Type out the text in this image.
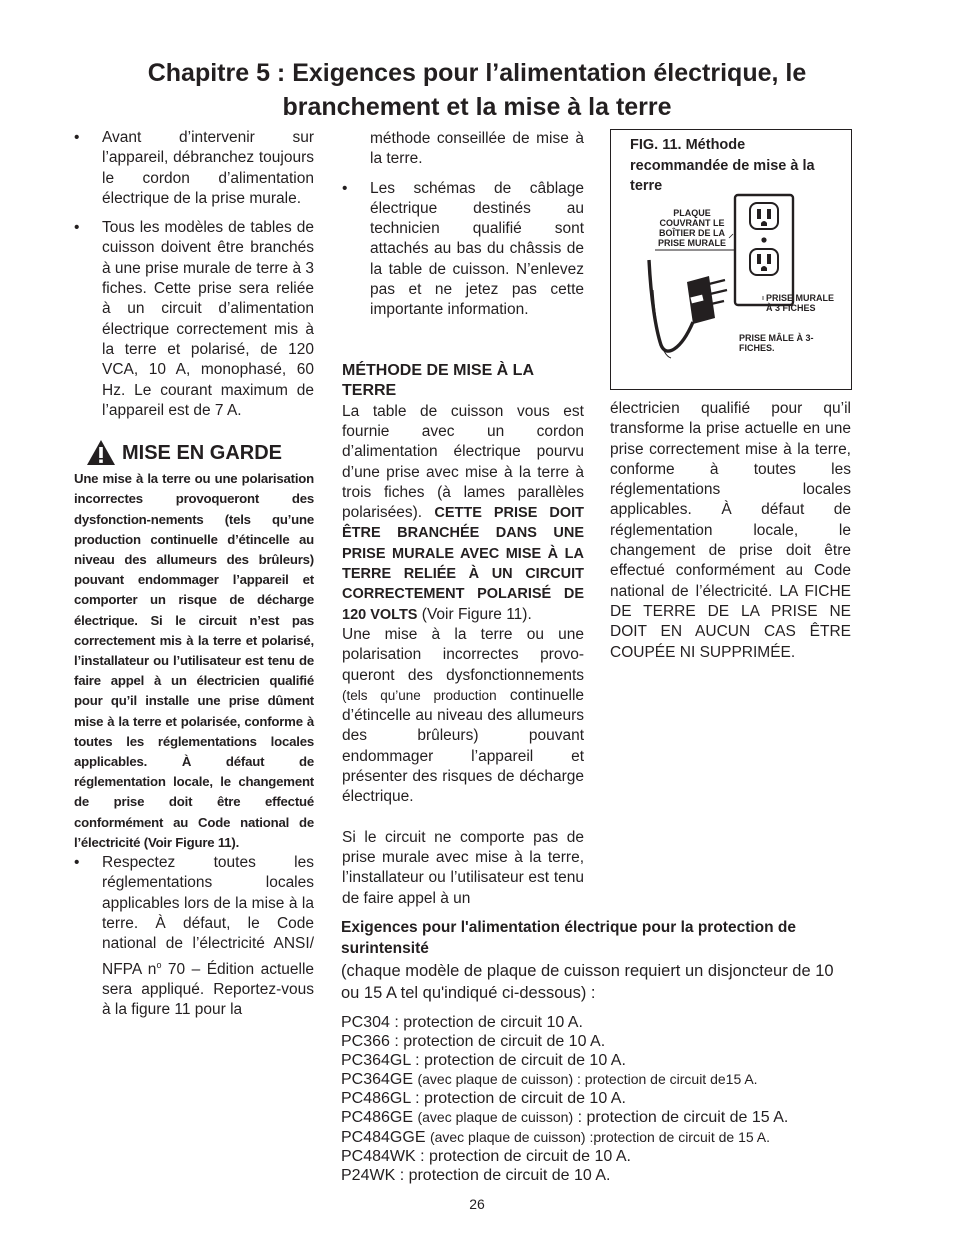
Chapitre 5 : Exigences pour l’alimentation électrique, le
branchement et la mise à la terre
• Avant d’intervenir sur l’appareil, débranchez toujours le cordon d’alimentation électrique de la prise murale.
• Tous les modèles de tables de cuisson doivent être branchés à une prise murale de terre à 3 fiches. Cette prise sera reliée à un circuit d’alimentation électrique correctement mis à la terre et polarisé, de 120 VCA, 10 A, monophasé, 60 Hz. Le courant maximum de l’appareil est de 7 A.
MISE EN GARDE
Une mise à la terre ou une polarisation incorrectes provoqueront des dysfonction-nements (tels qu’une production continuelle d’étincelle au niveau des allumeurs des brûleurs) pouvant endommager l’appareil et comporter un risque de décharge électrique. Si le circuit n’est pas correctement mis à la terre et polarisé, l’installateur ou l’utilisateur est tenu de faire appel à un électricien qualifié pour qu’il installe une prise dûment mise à la terre et polarisée, conforme à toutes les réglementations locales applicables. À défaut de réglementation locale, le changement de prise doit être effectué conformément au Code national de l’électricité (Voir Figure 11).
• Respectez toutes les réglementations locales applicables lors de la mise à la terre. À défaut, le Code national de l’électricité ANSI/ NFPA $n^o$ 70 – Édition actuelle sera appliqué. Reportez-vous à la figure 11 pour la
méthode conseillée de mise à la terre.
• Les schémas de câblage électrique destinés au technicien qualifié sont attachés au bas du châssis de la table de cuisson. N’enlevez pas et ne jetez pas cette importante information.

MÉTHODE DE MISE À LA TERRE

La table de cuisson vous est fournie avec un cordon d’alimentation électrique pourvu d’une prise avec mise à la terre à trois fiches (à lames parallèles polarisées). CETTE PRISE DOIT ÊTRE BRANCHÉE DANS UNE PRISE MURALE AVEC MISE À LA TERRE RELIÉE À UN CIRCUIT CORRECTEMENT POLARISÉ DE 120 VOLTS (Voir Figure 11).

Une mise à la terre ou une polarisation incorrectes provo-queront des dysfonctionnements (tels qu’une production continuelle d’étincelle au niveau des allumeurs des brûleurs) pouvant endommager l’appareil et présenter des risques de décharge électrique.

Si le circuit ne comporte pas de prise murale avec mise à la terre, l’installateur ou l’utilisateur est tenu de faire appel à un

FIG. 11. Méthode recommandée de mise à la terre
PLAQUE COUVRANT LE BOÎTIER DE LA PRISE MURALE
PRISE MURALE À 3 FICHES
PRISE MÂLE À 3-FICHES.
électricien qualifié pour qu’il transforme la prise actuelle en une prise correctement mise à la terre, conforme à toutes les réglementations locales applicables. À défaut de réglementation locale, le changement de prise doit être effectué conformément au Code national de l’électricité. LA FICHE DE TERRE DE LA PRISE NE DOIT EN AUCUN CAS ÊTRE COUPÉE NI SUPPRIMÉE.
Exigences pour l'alimentation électrique pour la protection de surintensité
(chaque modèle de plaque de cuisson requiert un disjoncteur de 10 ou 15 A tel qu'indiqué ci-dessous) :
PC304 : protection de circuit 10 A.
PC366 : protection de circuit de 10 A.
PC364GL : protection de circuit de 10 A.
PC364GE (avec plaque de cuisson) : protection de circuit de15 A.
PC486GL : protection de circuit de 10 A.
PC486GE (avec plaque de cuisson) : protection de circuit de 15 A.
PC484GGE (avec plaque de cuisson) :protection de circuit de 15 A.
PC484WK : protection de circuit de 10 A.
P24WK : protection de circuit de 10 A.
26
